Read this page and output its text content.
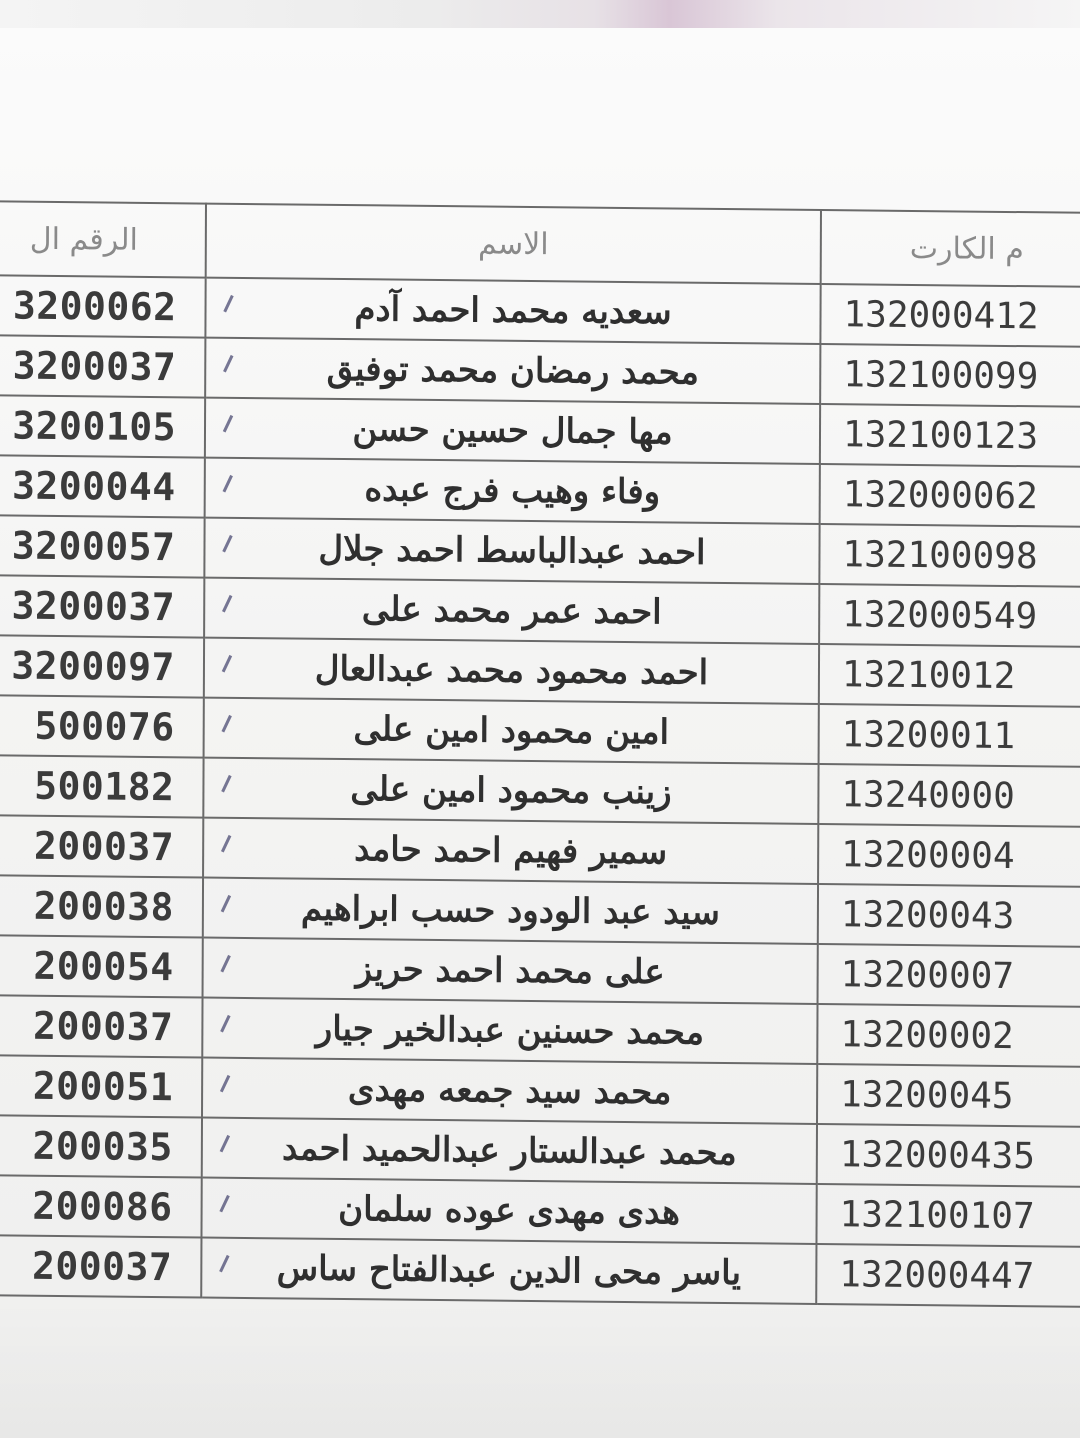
الرقم ال	الاسم	م الكارت
3200062	سعديه محمد احمد آدم	132000412
3200037	محمد رمضان محمد توفيق	132100099
3200105	مها جمال حسين حسن	132100123
3200044	وفاء وهيب فرج عبده	132000062
3200057	احمد عبدالباسط احمد جلال	132100098
3200037	احمد عمر محمد على	132000549
3200097	احمد محمود محمد عبدالعال	13210012
500076	امين محمود امين على	13200011
500182	زينب محمود امين على	13240000
200037	سمير فهيم احمد حامد	13200004
200038	سيد عبد الودود حسب ابراهيم	13200043
200054	على محمد احمد حريز	13200007
200037	محمد حسنين عبدالخير جيار	13200002
200051	محمد سيد جمعه مهدى	13200045
200035	محمد عبدالستار عبدالحميد احمد	132000435
200086	هدى مهدى عوده سلمان	132100107
200037	ياسر محى الدين عبدالفتاح ساس	132000447
